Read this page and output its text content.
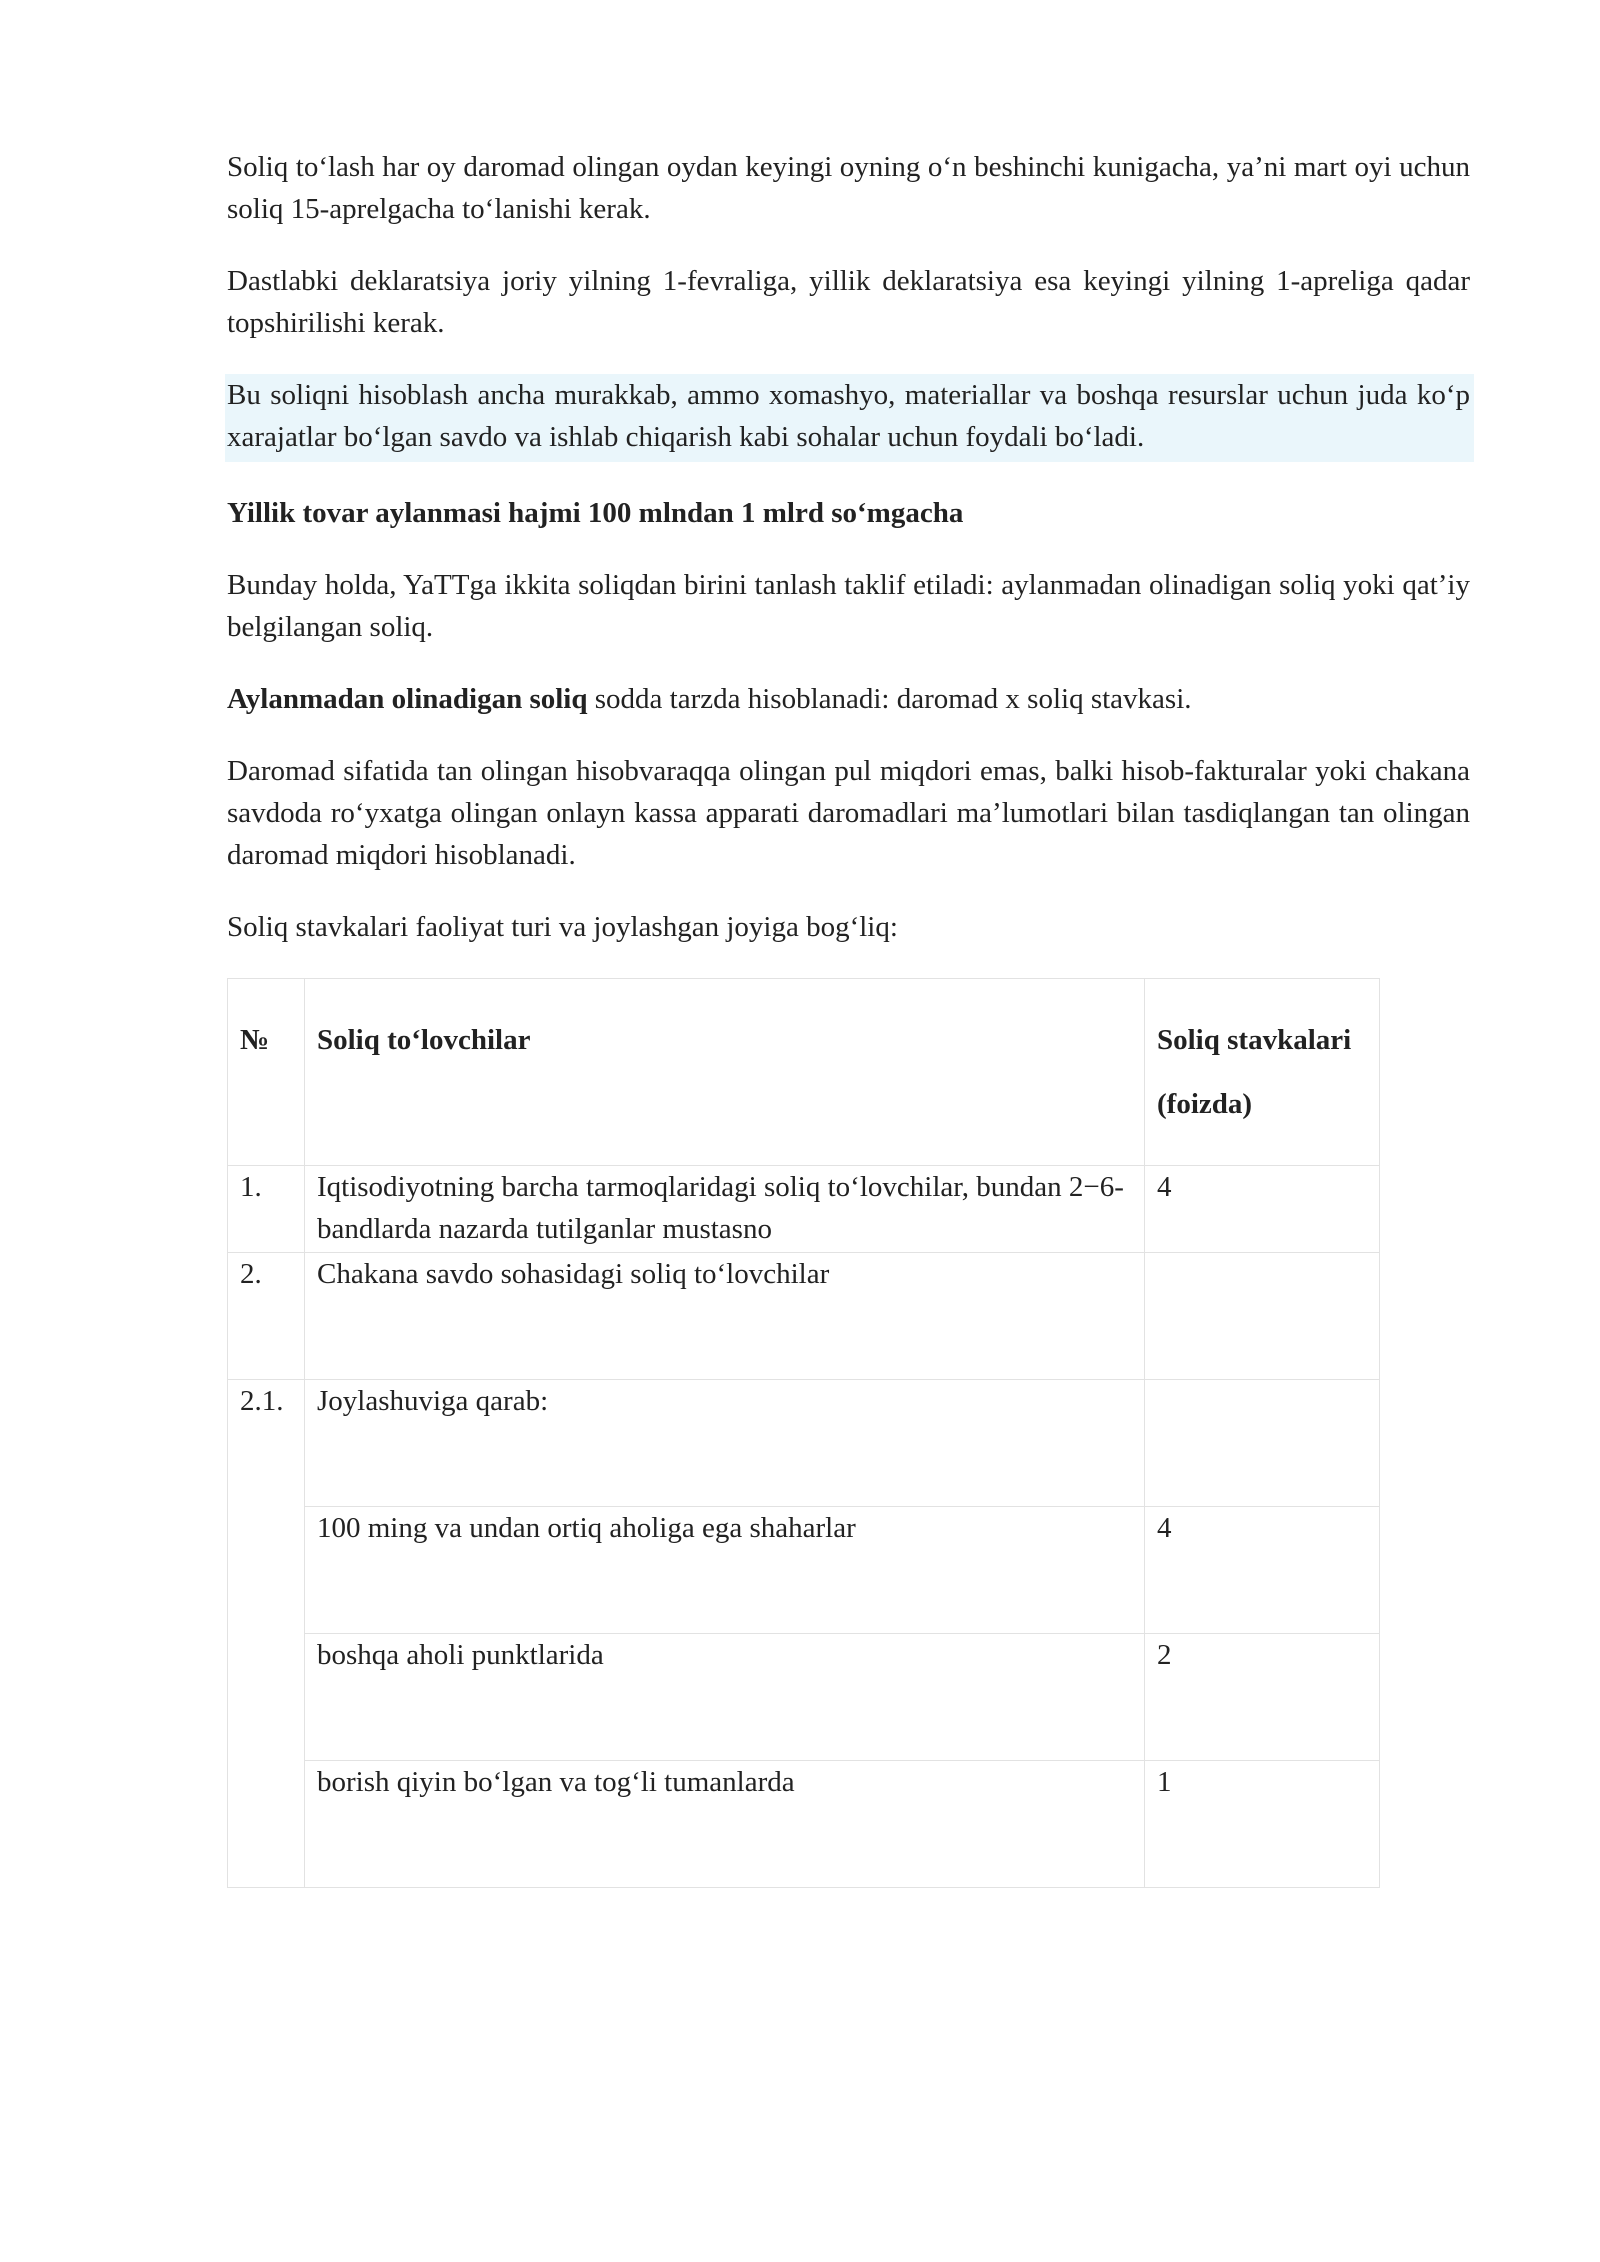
Soliq to‘lash har oy daromad olingan oydan keyingi oyning o‘n beshinchi kunigacha, ya’ni mart oyi uchun soliq 15-aprelgacha to‘lanishi kerak.

Dastlabki deklaratsiya joriy yilning 1-fevraliga, yillik deklaratsiya esa keyingi yilning 1-apreliga qadar topshirilishi kerak.

Bu soliqni hisoblash ancha murakkab, ammo xomashyo, materiallar va boshqa resurslar uchun juda ko‘p xarajatlar bo‘lgan savdo va ishlab chiqarish kabi sohalar uchun foydali bo‘ladi.

Yillik tovar aylanmasi hajmi 100 mlndan 1 mlrd so‘mgacha

Bunday holda, YaTTga ikkita soliqdan birini tanlash taklif etiladi: aylanmadan olinadigan soliq yoki qat’iy belgilangan soliq.

Aylanmadan olinadigan soliq sodda tarzda hisoblanadi: daromad x soliq stavkasi.

Daromad sifatida tan olingan hisobvaraqqa olingan pul miqdori emas, balki hisob-fakturalar yoki chakana savdoda ro‘yxatga olingan onlayn kassa apparati daromadlari ma’lumotlari bilan tasdiqlangan tan olingan daromad miqdori hisoblanadi.

Soliq stavkalari faoliyat turi va joylashgan joyiga bog‘liq:

№	Soliq to‘lovchilar	Soliq stavkalari
(foizda)

1.	Iqtisodiyotning barcha tarmoqlaridagi soliq to‘lovchilar, bundan 2−6-bandlarda nazarda tutilganlar mustasno	4
2.	Chakana savdo sohasidagi soliq to‘lovchilar	
2.1.	Joylashuviga qarab:	
	100 ming va undan ortiq aholiga ega shaharlar	4
	boshqa aholi punktlarida	2
	borish qiyin bo‘lgan va tog‘li tumanlarda	1
